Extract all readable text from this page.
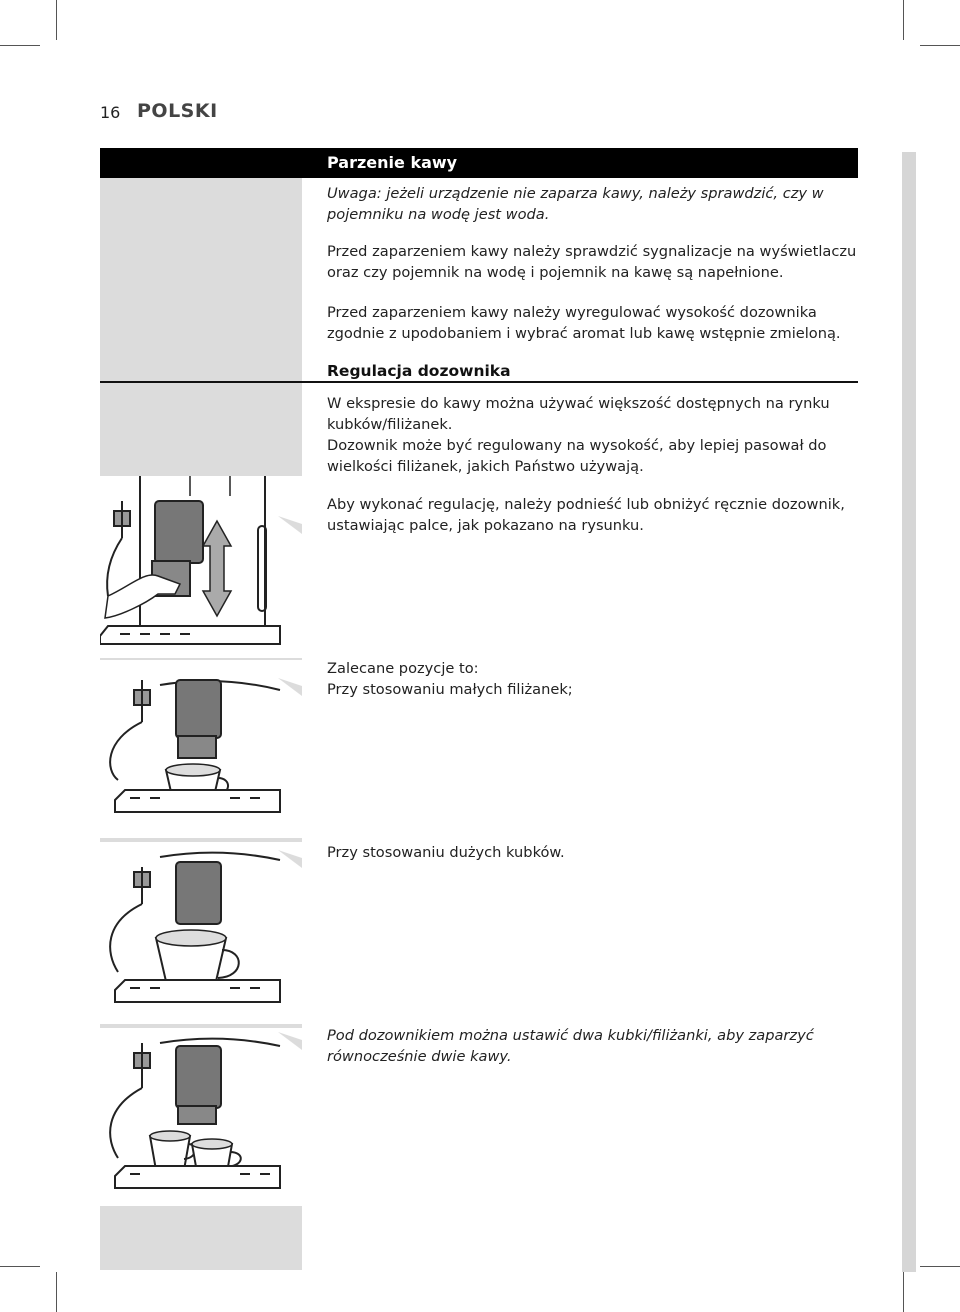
16 POLSKI
Parzenie kawy

Uwaga: jeżeli urządzenie nie zaparza kawy, należy sprawdzić, czy w pojemniku na wodę jest woda.

Przed zaparzeniem kawy należy sprawdzić sygnalizacje na wyświetlaczu oraz czy pojemnik na wodę i pojemnik na kawę są napełnione.

Przed zaparzeniem kawy należy wyregulować wysokość dozownika zgodnie z upodobaniem i wybrać aromat lub kawę wstępnie zmieloną.

Regulacja dozownika

W ekspresie do kawy można używać większość dostępnych na rynku kubków/filiżanek.

Dozownik może być regulowany na wysokość, aby lepiej pasował do wielkości filiżanek, jakich Państwo używają.

Aby wykonać regulację, należy podnieść lub obniżyć ręcznie dozownik, ustawiając palce, jak pokazano na rysunku.

Zalecane pozycje to:

Przy stosowaniu małych filiżanek;

Przy stosowaniu dużych kubków.

Pod dozownikiem można ustawić dwa kubki/filiżanki, aby zaparzyć równocześnie dwie kawy.
